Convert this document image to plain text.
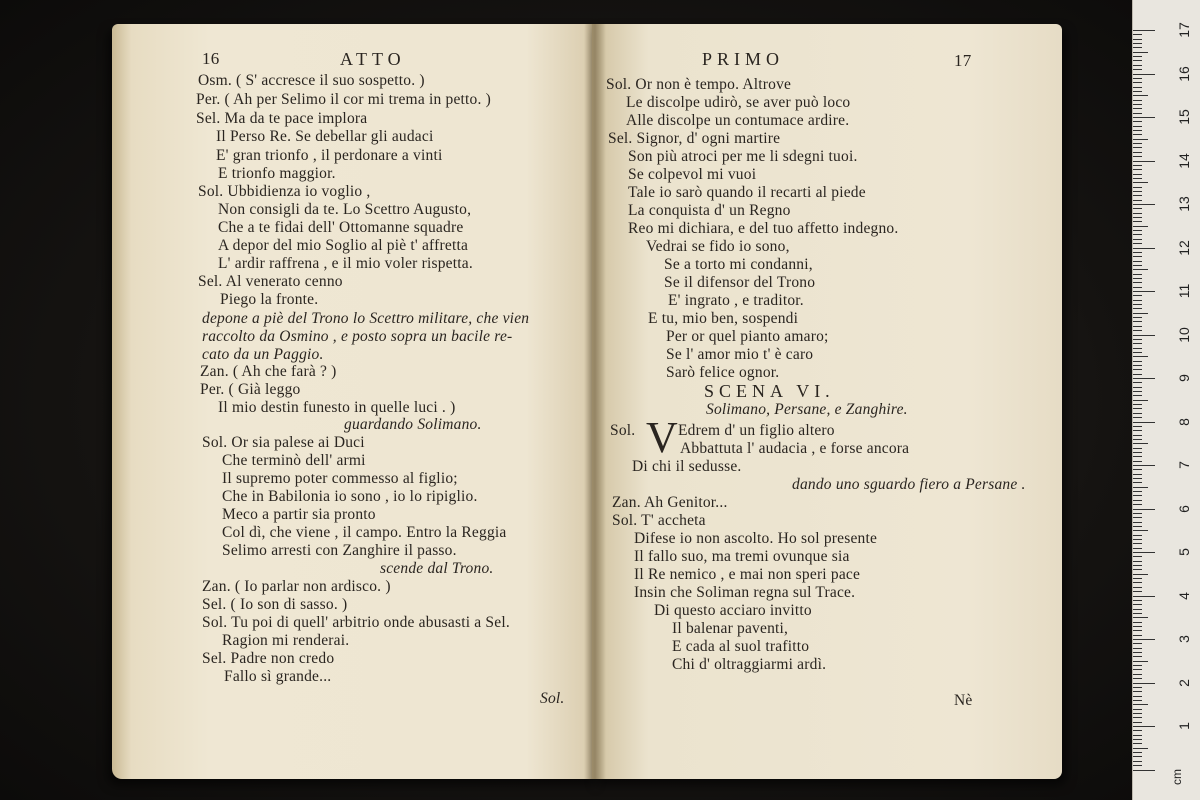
16	ATTO
Osm. ( S' accresce il suo sospetto. )
Per. ( Ah per Selimo il cor mi trema in petto. )
Sel. Ma da te pace implora
Il Perso Re. Se debellar gli audaci
E' gran trionfo , il perdonare a vinti
E trionfo maggior.
Sol. Ubbidienza io voglio ,
Non consigli da te. Lo Scettro Augusto,
Che a te fidai dell' Ottomanne squadre
A depor del mio Soglio al piè t' affretta
L' ardir raffrena , e il mio voler rispetta.
Sel. Al venerato cenno
Piego la fronte.
depone a piè del Trono lo Scettro militare, che vien
raccolto da Osmino , e posto sopra un bacile re-
cato da un Paggio.
Zan. ( Ah che farà ? )
Per. ( Già leggo
Il mio destin funesto in quelle luci . )
guardando Solimano.
Sol. Or sia palese ai Duci
Che terminò dell' armi
Il supremo poter commesso al figlio;
Che in Babilonia io sono , io lo ripiglio.
Meco a partir sia pronto
Col dì, che viene , il campo. Entro la Reggia
Selimo arresti con Zanghire il passo.
scende dal Trono.
Zan. ( Io parlar non ardisco. )
Sel. ( Io son di sasso. )
Sol. Tu poi di quell' arbitrio onde abusasti a Sel.
Ragion mi renderai.
Sel. Padre non credo
Fallo sì grande...
Sol.
PRIMO	17
Sol. Or non è tempo. Altrove
Le discolpe udirò, se aver può loco
Alle discolpe un contumace ardire.
Sel. Signor, d' ogni martire
Son più atroci per me li sdegni tuoi.
Se colpevol mi vuoi
Tale io sarò quando il recarti al piede
La conquista d' un Regno
Reo mi dichiara, e del tuo affetto indegno.
Vedrai se fido io sono,
Se a torto mi condanni,
Se il difensor del Trono
E' ingrato , e traditor.
E tu, mio ben, sospendi
Per or quel pianto amaro;
Se l' amor mio t' è caro
Sarò felice ognor.
SCENA VI.
Solimano, Persane, e Zanghire.
Sol. V Edrem d' un figlio altero
Abbattuta l' audacia , e forse ancora
Di chi il sedusse.
dando uno sguardo fiero a Persane .
Zan. Ah Genitor...
Sol. T' accheta
Difese io non ascolto. Ho sol presente
Il fallo suo, ma tremi ovunque sia
Il Re nemico , e mai non speri pace
Insin che Soliman regna sul Trace.
Di questo acciaro invitto
Il balenar paventi,
E cada al suol trafitto
Chi d' oltraggiarmi ardì.
Nè
17
16
15
14
13
12
11
10
9
8
7
6
5
4
3
2
1
cm
